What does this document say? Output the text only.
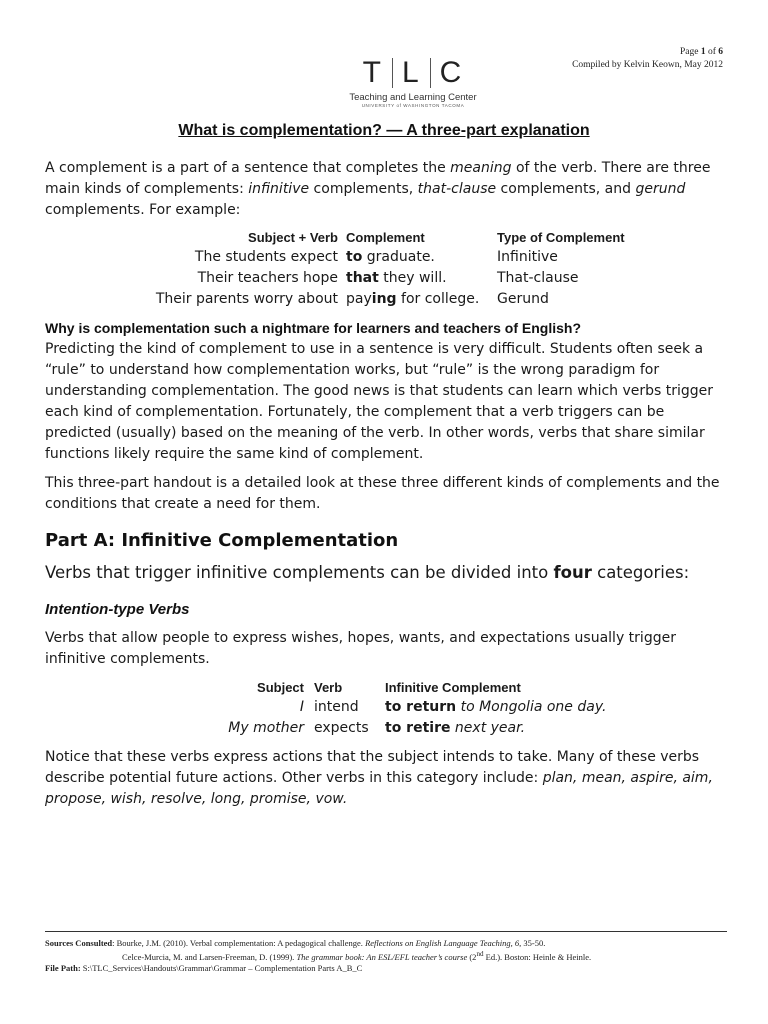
Page 1 of 6
Compiled by Kelvin Keown, May 2012
T L C
Teaching and Learning Center
UNIVERSITY of WASHINGTON TACOMA
What is complementation? — A three-part explanation
A complement is a part of a sentence that completes the meaning of the verb. There are three main kinds of complements: infinitive complements, that-clause complements, and gerund complements. For example:
Subject + Verb	Complement	Type of Complement
The students expect	to graduate.	Infinitive
Their teachers hope	that they will.	That-clause
Their parents worry about	paying for college.	Gerund
Why is complementation such a nightmare for learners and teachers of English?
Predicting the kind of complement to use in a sentence is very difficult. Students often seek a “rule” to understand how complementation works, but “rule” is the wrong paradigm for understanding complementation. The good news is that students can learn which verbs trigger each kind of complementation. Fortunately, the complement that a verb triggers can be predicted (usually) based on the meaning of the verb. In other words, verbs that share similar functions likely require the same kind of complement.
This three-part handout is a detailed look at these three different kinds of complements and the conditions that create a need for them.
Part A: Infinitive Complementation
Verbs that trigger infinitive complements can be divided into four categories:
Intention-type Verbs
Verbs that allow people to express wishes, hopes, wants, and expectations usually trigger infinitive complements.
Subject	Verb	Infinitive Complement
I	intend	to return to Mongolia one day.
My mother	expects	to retire next year.
Notice that these verbs express actions that the subject intends to take. Many of these verbs describe potential future actions. Other verbs in this category include: plan, mean, aspire, aim, propose, wish, resolve, long, promise, vow.
Sources Consulted: Bourke, J.M. (2010). Verbal complementation: A pedagogical challenge. Reflections on English Language Teaching, 6, 35-50.
Celce-Murcia, M. and Larsen-Freeman, D. (1999). The grammar book: An ESL/EFL teacher’s course (2nd Ed.). Boston: Heinle & Heinle.
File Path: S:\TLC_Services\Handouts\Grammar\Grammar – Complementation Parts A_B_C
